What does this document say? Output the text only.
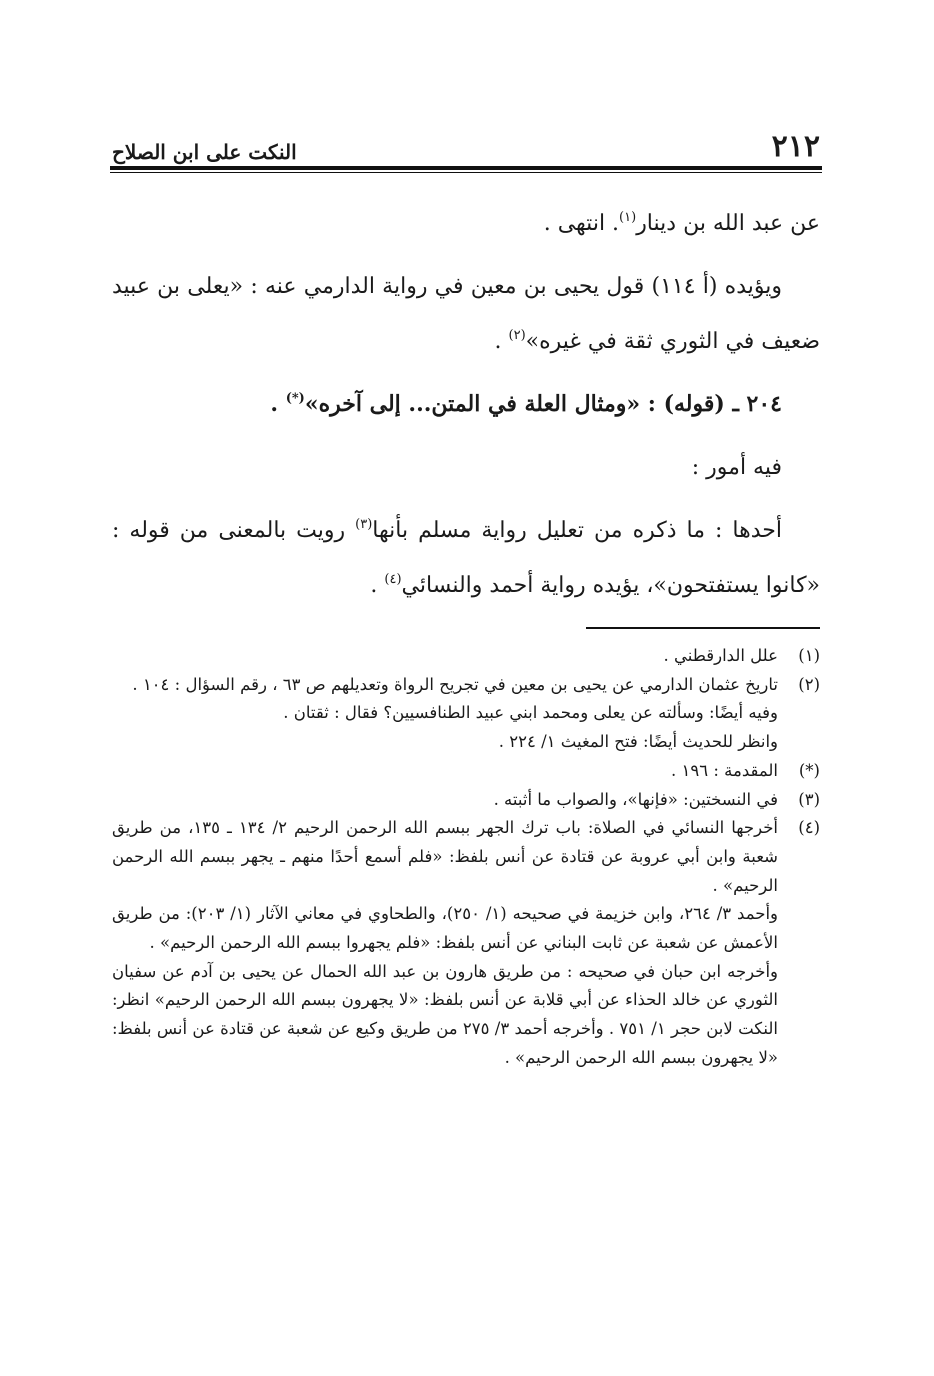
٢١٢
النكت على ابن الصلاح

عن عبد الله بن دينار$^{(١)}$. انتهى .

ويؤيده (أ ١١٤) قول يحيى بن معين في رواية الدارمي عنه : «يعلى بن عبيد ضعيف في الثوري ثقة في غيره»$^{(٢)}$ .

٢٠٤ ـ (قوله) : «ومثال العلة في المتن... إلى آخره»(*) .

فيه أمور :

أحدها : ما ذكره من تعليل رواية مسلم بأنها$^{(٣)}$ رويت بالمعنى من قوله : «كانوا يستفتحون»، يؤيده رواية أحمد والنسائي$^{(٤)}$ .

(١)
علل الدارقطني .
(٢)
تاريخ عثمان الدارمي عن يحيى بن معين في تجريح الرواة وتعديلهم ص ٦٣ ، رقم السؤال : ١٠٤ .
وفيه أيضًا: وسألته عن يعلى ومحمد ابني عبيد الطنافسيين؟ فقال : ثقتان .
وانظر للحديث أيضًا: فتح المغيث ١/ ٢٢٤ .
(*)
المقدمة : ١٩٦ .
(٣)
في النسختين: «فإنها»، والصواب ما أثبته .
(٤)
أخرجها النسائي في الصلاة: باب ترك الجهر ببسم الله الرحمن الرحيم ٢/ ١٣٤ ـ ١٣٥، من طريق شعبة وابن أبي عروبة عن قتادة عن أنس بلفظ: «فلم أسمع أحدًا منهم ـ يجهر ببسم الله الرحمن الرحيم» .
وأحمد ٣/ ٢٦٤، وابن خزيمة في صحيحه (١/ ٢٥٠)، والطحاوي في معاني الآثار (١/ ٢٠٣): من طريق الأعمش عن شعبة عن ثابت البناني عن أنس بلفظ: «فلم يجهروا ببسم الله الرحمن الرحيم» .
وأخرجه ابن حبان في صحيحه : من طريق هارون بن عبد الله الحمال عن يحيى بن آدم عن سفيان الثوري عن خالد الحذاء عن أبي قلابة عن أنس بلفظ: «لا يجهرون ببسم الله الرحمن الرحيم» انظر: النكت لابن حجر ١/ ٧٥١ . وأخرجه أحمد ٣/ ٢٧٥ من طريق وكيع عن شعبة عن قتادة عن أنس بلفظ: «لا يجهرون ببسم الله الرحمن الرحيم» .
